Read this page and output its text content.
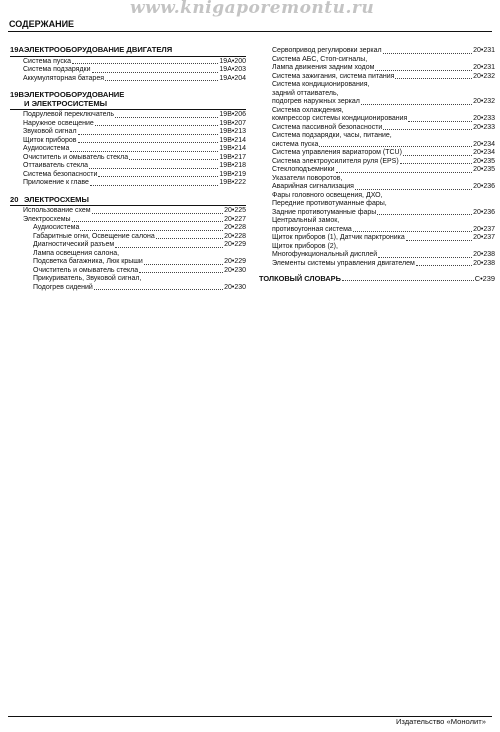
www.knigaporemontu.ru
СОДЕРЖАНИЕ
19АЭЛЕКТРООБОРУДОВАНИЕ ДВИГАТЕЛЯ
Система пуска	19А•200
Система подзарядки	19А•203
Аккумуляторная батарея	19А•204
19ВЭЛЕКТРООБОРУДОВАНИЕ
И ЭЛЕКТРОСИСТЕМЫ
Подрулевой переключатель	19В•206
Наружное освещение	19В•207
Звуковой сигнал	19В•213
Щиток приборов	19В•214
Аудиосистема	19В•214
Очиститель и омыватель стекла	19В•217
Оттаиватель стекла	19В•218
Система безопасности	19В•219
Приложение к главе	19В•222
20 ЭЛЕКТРОСХЕМЫ
Использование схем	20•225
Электросхемы	20•227
Аудиосистема	20•228
Габаритные огни, Освещение салона	20•228
Диагностический разъем	20•229
Лампа освещения салона,
Подсветка багажника, Люк крыши	20•229
Очиститель и омыватель стекла	20•230
Прикуриватель, Звуковой сигнал,
Подогрев сидений	20•230
Сервопривод регулировки зеркал	20•231
Система АБС, Стоп-сигналы,
Лампа движения задним ходом	20•231
Система зажигания, система питания	20•232
Система кондиционирования,
задний оттаиватель,
подогрев наружных зеркал	20•232
Система охлаждения,
компрессор системы кондиционирования	20•233
Система пассивной безопасности	20•233
Система подзарядки, часы, питание,
система пуска	20•234
Система управления вариатором (TCU)	20•234
Система электроусилителя руля (EPS)	20•235
Стеклоподъемники	20•235
Указатели поворотов,
Аварийная сигнализация	20•236
Фары головного освещения, ДХО,
Передние противотуманные фары,
Задние противотуманные фары	20•236
Центральный замок,
противоугонная система	20•237
Щиток приборов (1), Датчик парктроника	20•237
Щиток приборов (2),
Многофункциональный дисплей	20•238
Элементы системы управления двигателем	20•238
ТОЛКОВЫЙ СЛОВАРЬ	С•239
Издательство «Монолит»
